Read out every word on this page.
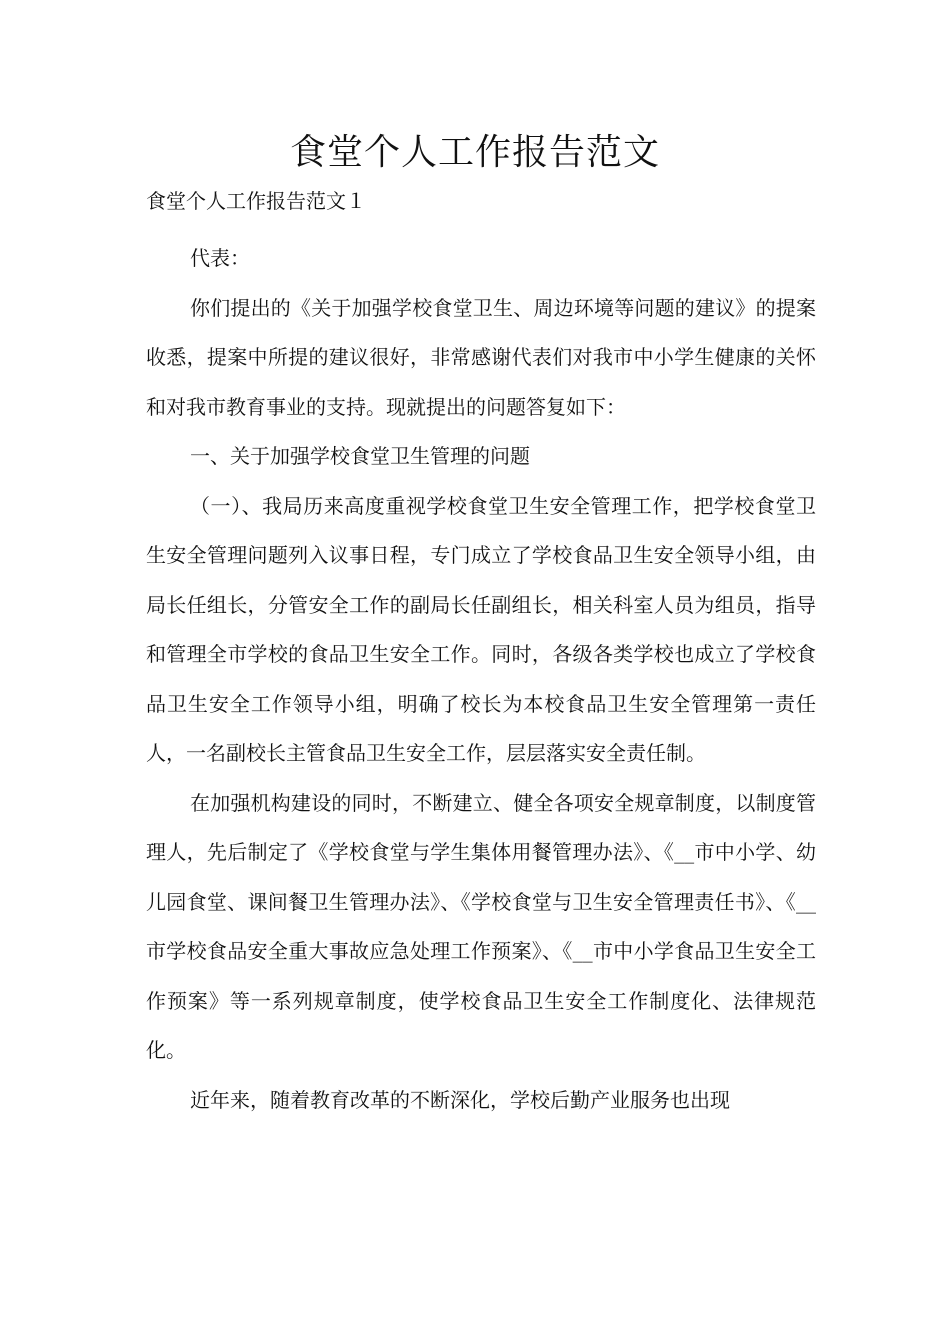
食堂个人工作报告范文
食堂个人工作报告范文１

代表：

你们提出的《关于加强学校食堂卫生、周边环境等问题的建议》的提案收悉，提案中所提的建议很好，非常感谢代表们对我市中小学生健康的关怀和对我市教育事业的支持。现就提出的问题答复如下：

一、关于加强学校食堂卫生管理的问题

（一）、我局历来高度重视学校食堂卫生安全管理工作，把学校食堂卫生安全管理问题列入议事日程，专门成立了学校食品卫生安全领导小组，由局长任组长，分管安全工作的副局长任副组长，相关科室人员为组员，指导和管理全市学校的食品卫生安全工作。同时，各级各类学校也成立了学校食品卫生安全工作领导小组，明确了校长为本校食品卫生安全管理第一责任人，一名副校长主管食品卫生安全工作，层层落实安全责任制。

在加强机构建设的同时，不断建立、健全各项安全规章制度，以制度管理人，先后制定了《学校食堂与学生集体用餐管理办法》、《__市中小学、幼儿园食堂、课间餐卫生管理办法》、《学校食堂与卫生安全管理责任书》、《__市学校食品安全重大事故应急处理工作预案》、《__市中小学食品卫生安全工作预案》等一系列规章制度，使学校食品卫生安全工作制度化、法律规范化。

近年来，随着教育改革的不断深化，学校后勤产业服务也出现
